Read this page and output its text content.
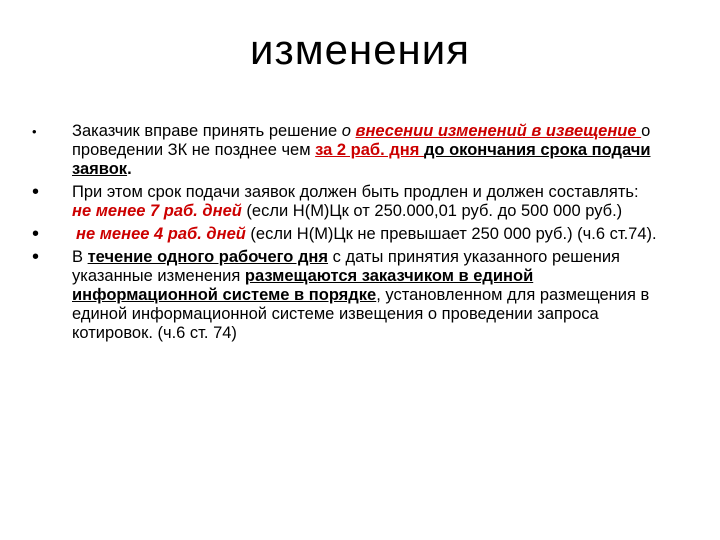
изменения
• Заказчик вправе принять решение о внесении изменений в извещение о проведении ЗК не позднее чем за 2 раб. дня до окончания срока подачи заявок.
• При этом срок подачи заявок должен быть продлен и должен составлять:
не менее 7 раб. дней (если Н(М)Цк от 250.000,01 руб. до 500 000 руб.)
• не менее 4 раб. дней (если Н(М)Цк не превышает 250 000 руб.) (ч.6 ст.74).
• В течение одного рабочего дня с даты принятия указанного решения указанные изменения размещаются заказчиком в единой информационной системе в порядке, установленном для размещения в единой информационной системе извещения о проведении запроса котировок. (ч.6 ст. 74)
